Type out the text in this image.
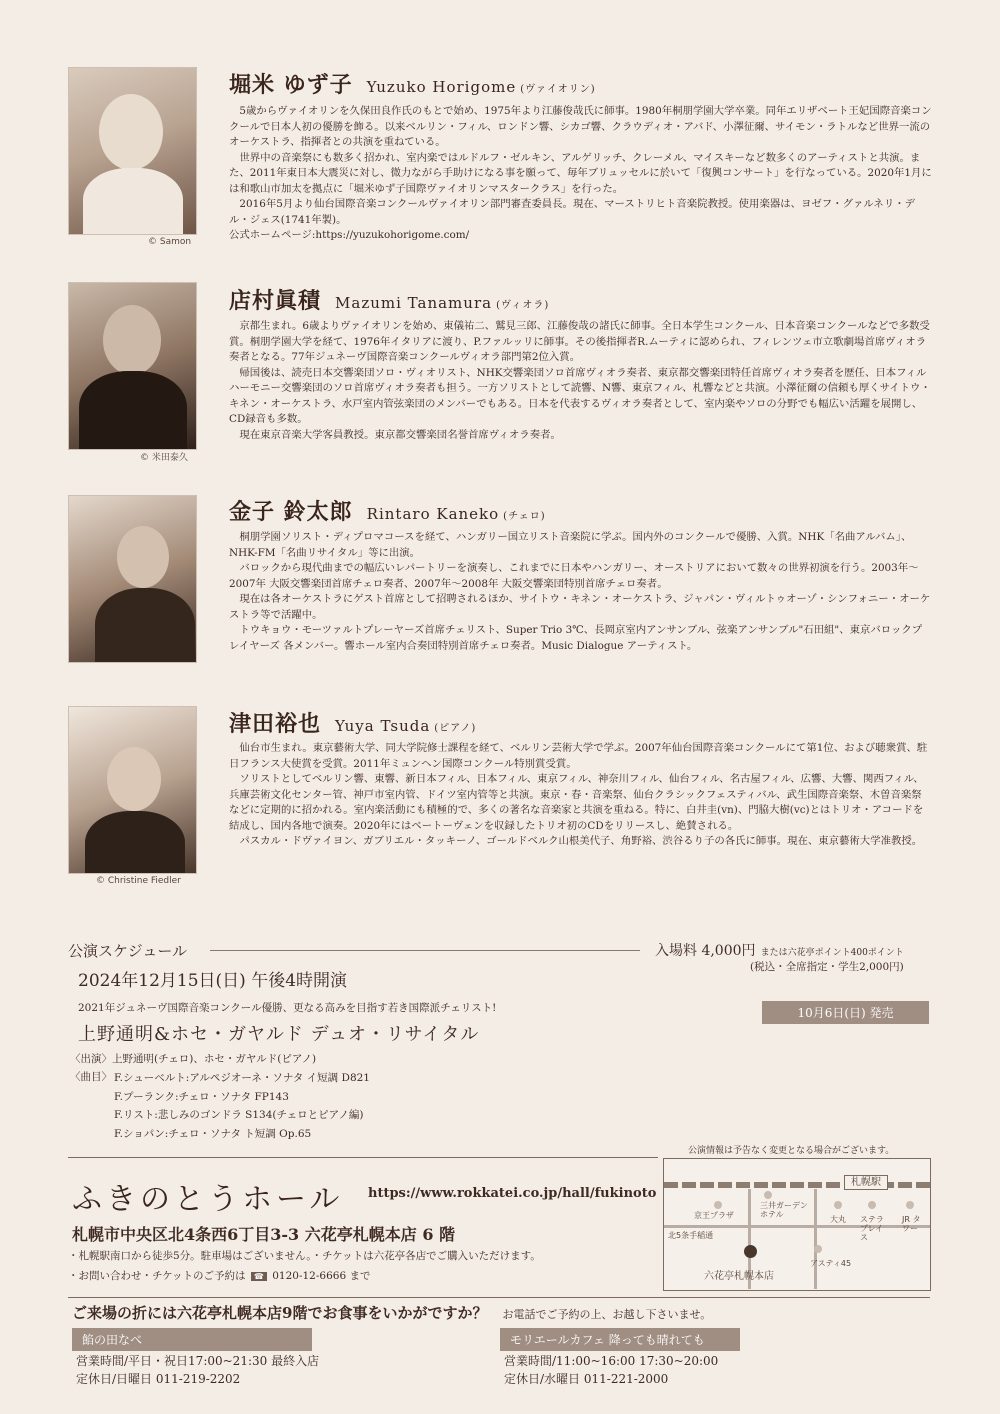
© Samon
堀米 ゆず子 Yuzuko Horigome (ヴァイオリン)

5歳からヴァイオリンを久保田良作氏のもとで始め、1975年より江藤俊哉氏に師事。1980年桐朋学園大学卒業。同年エリザベート王妃国際音楽コンクールで日本人初の優勝を飾る。以来ベルリン・フィル、ロンドン響、シカゴ響、クラウディオ・アバド、小澤征爾、サイモン・ラトルなど世界一流のオーケストラ、指揮者との共演を重ねている。

世界中の音楽祭にも数多く招かれ、室内楽ではルドルフ・ゼルキン、アルゲリッチ、クレーメル、マイスキーなど数多くのアーティストと共演。また、2011年東日本大震災に対し、微力ながら手助けになる事を願って、毎年ブリュッセルに於いて「復興コンサート」を行なっている。2020年1月には和歌山市加太を拠点に「堀米ゆず子国際ヴァイオリンマスタークラス」を行った。

2016年5月より仙台国際音楽コンクールヴァイオリン部門審査委員長。現在、マーストリヒト音楽院教授。使用楽器は、ヨゼフ・グァルネリ・デル・ジェス(1741年製)。

公式ホームページ:https://yuzukohorigome.com/

© 米田泰久
店村眞積 Mazumi Tanamura (ヴィオラ)

京都生まれ。6歳よりヴァイオリンを始め、東儀祐二、鷲見三郎、江藤俊哉の諸氏に師事。全日本学生コンクール、日本音楽コンクールなどで多数受賞。桐朋学園大学を経て、1976年イタリアに渡り、P.ファルッリに師事。その後指揮者R.ムーティに認められ、フィレンツェ市立歌劇場首席ヴィオラ奏者となる。77年ジュネーヴ国際音楽コンクールヴィオラ部門第2位入賞。

帰国後は、読売日本交響楽団ソロ・ヴィオリスト、NHK交響楽団ソロ首席ヴィオラ奏者、東京都交響楽団特任首席ヴィオラ奏者を歴任、日本フィルハーモニー交響楽団のソロ首席ヴィオラ奏者も担う。一方ソリストとして読響、N響、東京フィル、札響などと共演。小澤征爾の信頼も厚くサイトウ・キネン・オーケストラ、水戸室内管弦楽団のメンバーでもある。日本を代表するヴィオラ奏者として、室内楽やソロの分野でも幅広い活躍を展開し、CD録音も多数。

現在東京音楽大学客員教授。東京都交響楽団名誉首席ヴィオラ奏者。

金子 鈴太郎 Rintaro Kaneko (チェロ)

桐朋学園ソリスト・ディプロマコースを経て、ハンガリー国立リスト音楽院に学ぶ。国内外のコンクールで優勝、入賞。NHK「名曲アルバム」、NHK-FM「名曲リサイタル」等に出演。

バロックから現代曲までの幅広いレパートリーを演奏し、これまでに日本やハンガリー、オーストリアにおいて数々の世界初演を行う。2003年～2007年 大阪交響楽団首席チェロ奏者、2007年～2008年 大阪交響楽団特別首席チェロ奏者。

現在は各オーケストラにゲスト首席として招聘されるほか、サイトウ・キネン・オーケストラ、ジャパン・ヴィルトゥオーゾ・シンフォニー・オーケストラ等で活躍中。

トウキョウ・モーツァルトプレーヤーズ首席チェリスト、Super Trio 3℃、長岡京室内アンサンブル、弦楽アンサンブル"石田組"、東京バロックプレイヤーズ 各メンバー。響ホール室内合奏団特別首席チェロ奏者。Music Dialogue アーティスト。

© Christine Fiedler
津田裕也 Yuya Tsuda (ピアノ)

仙台市生まれ。東京藝術大学、同大学院修士課程を経て、ベルリン芸術大学で学ぶ。2007年仙台国際音楽コンクールにて第1位、および聴衆賞、駐日フランス大使賞を受賞。2011年ミュンヘン国際コンクール特別賞受賞。

ソリストとしてベルリン響、東響、新日本フィル、日本フィル、東京フィル、神奈川フィル、仙台フィル、名古屋フィル、広響、大響、関西フィル、兵庫芸術文化センター管、神戸市室内管、ドイツ室内管等と共演。東京・春・音楽祭、仙台クラシックフェスティバル、武生国際音楽祭、木曽音楽祭などに定期的に招かれる。室内楽活動にも積極的で、多くの著名な音楽家と共演を重ねる。特に、白井圭(vn)、門脇大樹(vc)とはトリオ・アコードを結成し、国内各地で演奏。2020年にはベートーヴェンを収録したトリオ初のCDをリリースし、絶賛される。

パスカル・ドヴァイヨン、ガブリエル・タッキーノ、ゴールドベルク山根美代子、角野裕、渋谷るり子の各氏に師事。現在、東京藝術大学准教授。

公演スケジュール
2024年12月15日(日) 午後4時開演
2021年ジュネーヴ国際音楽コンクール優勝、更なる高みを目指す若き国際派チェリスト!
上野通明&ホセ・ガヤルド デュオ・リサイタル
〈出演〉上野通明(チェロ)、ホセ・ガヤルド(ピアノ)
〈曲目〉 F.シューベルト:アルペジオーネ・ソナタ イ短調 D821
F.プーランク:チェロ・ソナタ FP143
F.リスト:悲しみのゴンドラ S134(チェロとピアノ編)
F.ショパン:チェロ・ソナタ ト短調 Op.65
入場料 4,000円 または六花亭ポイント400ポイント
(税込・全席指定・学生2,000円)
10月6日(日) 発売
公演情報は予告なく変更となる場合がございます。
ふきのとうホール https://www.rokkatei.co.jp/hall/fukinoto
札幌市中央区北4条西6丁目3-3 六花亭札幌本店 6 階
・札幌駅南口から徒歩5分。駐車場はございません。・チケットは六花亭各店でご購入いただけます。
・お問い合わせ・チケットのご予約は ☎ 0120-12-6666 まで
札幌駅
京王プラザ
三井ガーデン ホテル
大丸 ステラ プレイス
JR タワー
北5条手稲通
六花亭札幌本店
アスティ45
ご来場の折には六花亭札幌本店9階でお食事をいかがですか？ お電話でご予約の上、お越し下さいませ。
餡の田なべ
営業時間/平日・祝日17:00~21:30 最終入店
定休日/日曜日 011-219-2202
モリエールカフェ 降っても晴れても
営業時間/11:00~16:00 17:30~20:00
定休日/水曜日 011-221-2000
